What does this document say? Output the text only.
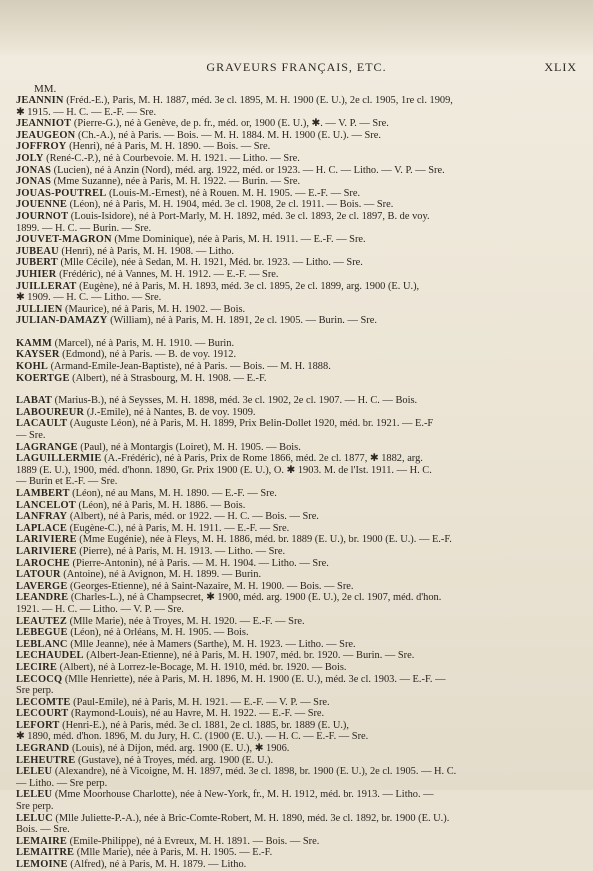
GRAVEURS FRANÇAIS, ETC.	XLIX
MM.
JEANNIN (Fréd.-E.), Paris, M. H. 1887, méd. 3e cl. 1895, M. H. 1900 (E. U.), 2e cl. 1905, 1re cl. 1909,
✱ 1915. — H. C. — E.-F. — Sre.
JEANNIOT (Pierre-G.), né à Genève, de p. fr., méd. or, 1900 (E. U.), ✱. — V. P. — Sre.
JEAUGEON (Ch.-A.), né à Paris. — Bois. — M. H. 1884. M. H. 1900 (E. U.). — Sre.
JOFFROY (Henri), né à Paris, M. H. 1890. — Bois. — Sre.
JOLY (René-C.-P.), né à Courbevoie. M. H. 1921. — Litho. — Sre.
JONAS (Lucien), né à Anzin (Nord), méd. arg. 1922, méd. or 1923. — H. C. — Litho. — V. P. — Sre.
JONAS (Mme Suzanne), née à Paris, M. H. 1922. — Burin. — Sre.
JOUAS-POUTREL (Louis-M.-Ernest), né à Rouen. M. H. 1905. — E.-F. — Sre.
JOUENNE (Léon), né à Paris, M. H. 1904, méd. 3e cl. 1908, 2e cl. 1911. — Bois. — Sre.
JOURNOT (Louis-Isidore), né à Port-Marly, M. H. 1892, méd. 3e cl. 1893, 2e cl. 1897, B. de voy.
1899. — H. C. — Burin. — Sre.
JOUVET-MAGRON (Mme Dominique), née à Paris, M. H. 1911. — E.-F. — Sre.
JUBEAU (Henri), né à Paris, M. H. 1908. — Litho.
JUBERT (Mlle Cécile), née à Sedan, M. H. 1921, Méd. br. 1923. — Litho. — Sre.
JUHIER (Frédéric), né à Vannes, M. H. 1912. — E.-F. — Sre.
JUILLERAT (Eugène), né à Paris, M. H. 1893, méd. 3e cl. 1895, 2e cl. 1899, arg. 1900 (E. U.),
✱ 1909. — H. C. — Litho. — Sre.
JULLIEN (Maurice), né à Paris, M. H. 1902. — Bois.
JULIAN-DAMAZY (William), né à Paris, M. H. 1891, 2e cl. 1905. — Burin. — Sre.
KAMM (Marcel), né à Paris, M. H. 1910. — Burin.
KAYSER (Edmond), né à Paris. — B. de voy. 1912.
KOHL (Armand-Emile-Jean-Baptiste), né à Paris. — Bois. — M. H. 1888.
KOERTGE (Albert), né à Strasbourg, M. H. 1908. — E.-F.
LABAT (Marius-B.), né à Seysses, M. H. 1898, méd. 3e cl. 1902, 2e cl. 1907. — H. C. — Bois.
LABOUREUR (J.-Emile), né à Nantes, B. de voy. 1909.
LACAULT (Auguste Léon), né à Paris, M. H. 1899, Prix Belin-Dollet 1920, méd. br. 1921. — E.-F
— Sre.
LAGRANGE (Paul), né à Montargis (Loiret), M. H. 1905. — Bois.
LAGUILLERMIE (A.-Frédéric), né à Paris, Prix de Rome 1866, méd. 2e cl. 1877, ✱ 1882, arg.
1889 (E. U.), 1900, méd. d'honn. 1890, Gr. Prix 1900 (E. U.), O. ✱ 1903. M. de l'Ist. 1911. — H. C.
— Burin et E.-F. — Sre.
LAMBERT (Léon), né au Mans, M. H. 1890. — E.-F. — Sre.
LANCELOT (Léon), né à Paris, M. H. 1886. — Bois.
LANFRAY (Albert), né à Paris, méd. or 1922. — H. C. — Bois. — Sre.
LAPLACE (Eugène-C.), né à Paris, M. H. 1911. — E.-F. — Sre.
LARIVIERE (Mme Eugénie), née à Fleys, M. H. 1886, méd. br. 1889 (E. U.), br. 1900 (E. U.). — E.-F.
LARIVIERE (Pierre), né à Paris, M. H. 1913. — Litho. — Sre.
LAROCHE (Pierre-Antonin), né à Paris. — M. H. 1904. — Litho. — Sre.
LATOUR (Antoine), né à Avignon, M. H. 1899. — Burin.
LAVERGE (Georges-Etienne), né à Saint-Nazaire, M. H. 1900. — Bois. — Sre.
LEANDRE (Charles-L.), né à Champsecret, ✱ 1900, méd. arg. 1900 (E. U.), 2e cl. 1907, méd. d'hon.
1921. — H. C. — Litho. — V. P. — Sre.
LEAUTEZ (Mlle Marie), née à Troyes, M. H. 1920. — E.-F. — Sre.
LEBEGUE (Léon), né à Orléans, M. H. 1905. — Bois.
LEBLANC (Mlle Jeanne), née à Mamers (Sarthe), M. H. 1923. — Litho. — Sre.
LECHAUDEL (Albert-Jean-Etienne), né à Paris, M. H. 1907, méd. br. 1920. — Burin. — Sre.
LECIRE (Albert), né à Lorrez-le-Bocage, M. H. 1910, méd. br. 1920. — Bois.
LECOCQ (Mlle Henriette), née à Paris, M. H. 1896, M. H. 1900 (E. U.), méd. 3e cl. 1903. — E.-F. —
Sre perp.
LECOMTE (Paul-Emile), né à Paris, M. H. 1921. — E.-F. — V. P. — Sre.
LECOURT (Raymond-Louis), né au Havre, M. H. 1922. — E.-F. — Sre.
LEFORT (Henri-E.), né à Paris, méd. 3e cl. 1881, 2e cl. 1885, br. 1889 (E. U.),
✱ 1890, méd. d'hon. 1896, M. du Jury, H. C. (1900 (E. U.). — H. C. — E.-F. — Sre.
LEGRAND (Louis), né à Dijon, méd. arg. 1900 (E. U.), ✱ 1906.
LEHEUTRE (Gustave), né à Troyes, méd. arg. 1900 (E. U.).
LELEU (Alexandre), né à Vicoigne, M. H. 1897, méd. 3e cl. 1898, br. 1900 (E. U.), 2e cl. 1905. — H. C.
— Litho. — Sre perp.
LELEU (Mme Moorhouse Charlotte), née à New-York, fr., M. H. 1912, méd. br. 1913. — Litho. —
Sre perp.
LELUC (Mlle Juliette-P.-A.), née à Bric-Comte-Robert, M. H. 1890, méd. 3e cl. 1892, br. 1900 (E. U.).
Bois. — Sre.
LEMAIRE (Emile-Philippe), né à Evreux, M. H. 1891. — Bois. — Sre.
LEMAITRE (Mlle Marie), née à Paris, M. H. 1905. — E.-F.
LEMOINE (Alfred), né à Paris, M. H. 1879. — Litho.
